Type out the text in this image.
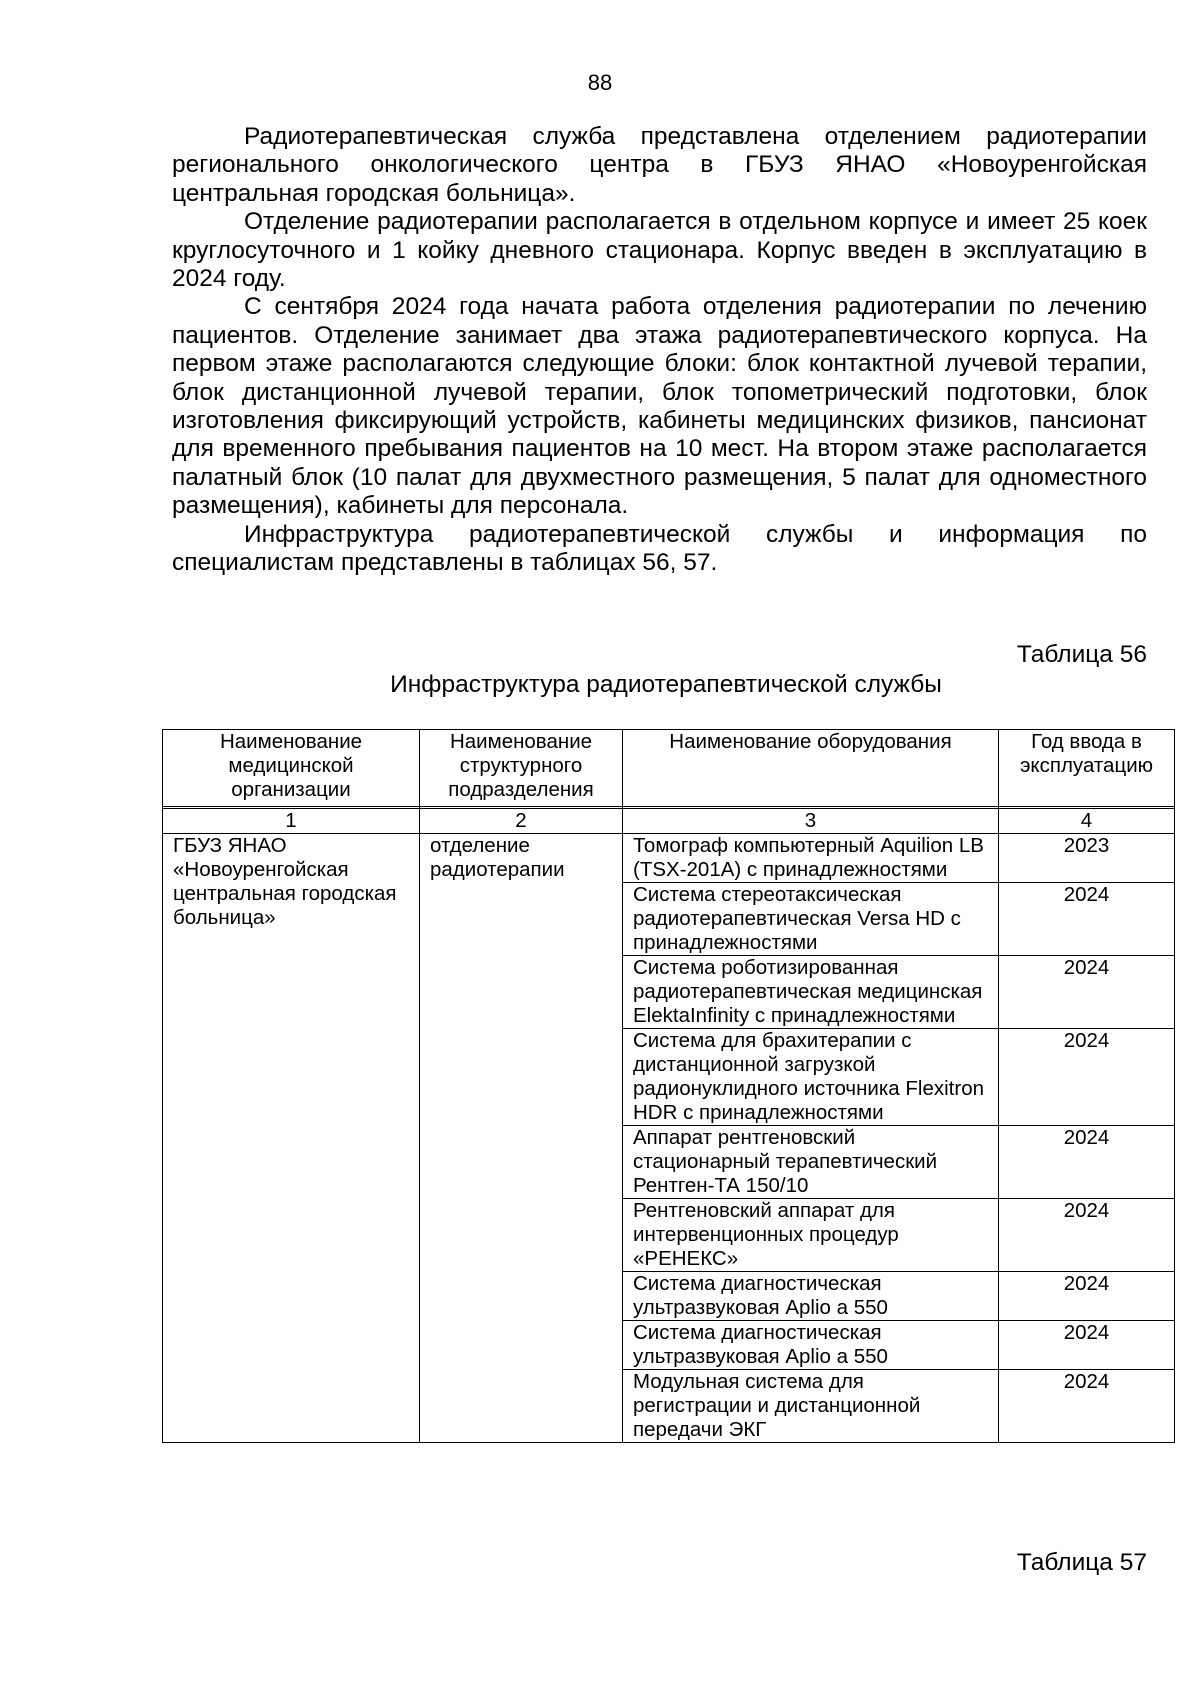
88

Радиотерапевтическая служба представлена отделением радиотерапии регионального онкологического центра в ГБУЗ ЯНАО «Новоуренгойская центральная городская больница».

Отделение радиотерапии располагается в отдельном корпусе и имеет 25 коек круглосуточного и 1 койку дневного стационара. Корпус введен в эксплуатацию в 2024 году.

С сентября 2024 года начата работа отделения радиотерапии по лечению пациентов. Отделение занимает два этажа радиотерапевтического корпуса. На первом этаже располагаются следующие блоки: блок контактной лучевой терапии, блок дистанционной лучевой терапии, блок топометрический подготовки, блок изготовления фиксирующий устройств, кабинеты медицинских физиков, пансионат для временного пребывания пациентов на 10 мест. На втором этаже располагается палатный блок (10 палат для двухместного размещения, 5 палат для одноместного размещения), кабинеты для персонала.

Инфраструктура радиотерапевтической службы и информация по специалистам представлены в таблицах 56, 57.

Таблица 56
Инфраструктура радиотерапевтической службы
Наименование медицинской организации	Наименование структурного подразделения	Наименование оборудования	Год ввода в эксплуатацию

1	2	3	4
ГБУЗ ЯНАО «Новоуренгойская центральная городская больница»	отделение радиотерапии	Томограф компьютерный Aquilion LB (TSX-201A) с принадлежностями	2023
		Система стереотаксическая радиотерапевтическая Versa HD с принадлежностями	2024
		Система роботизированная радиотерапевтическая медицинская ElektaInfinity с принадлежностями	2024
		Система для брахитерапии с дистанционной загрузкой радионуклидного источника Flexitron HDR с принадлежностями	2024
		Аппарат рентгеновский стационарный терапевтический Рентген-ТА 150/10	2024
		Рентгеновский аппарат для интервенционных процедур «РЕНЕКС»	2024
		Система диагностическая ультразвуковая Aplio a 550	2024
		Система диагностическая ультразвуковая Aplio a 550	2024
		Модульная система для регистрации и дистанционной передачи ЭКГ	2024
Таблица 57
